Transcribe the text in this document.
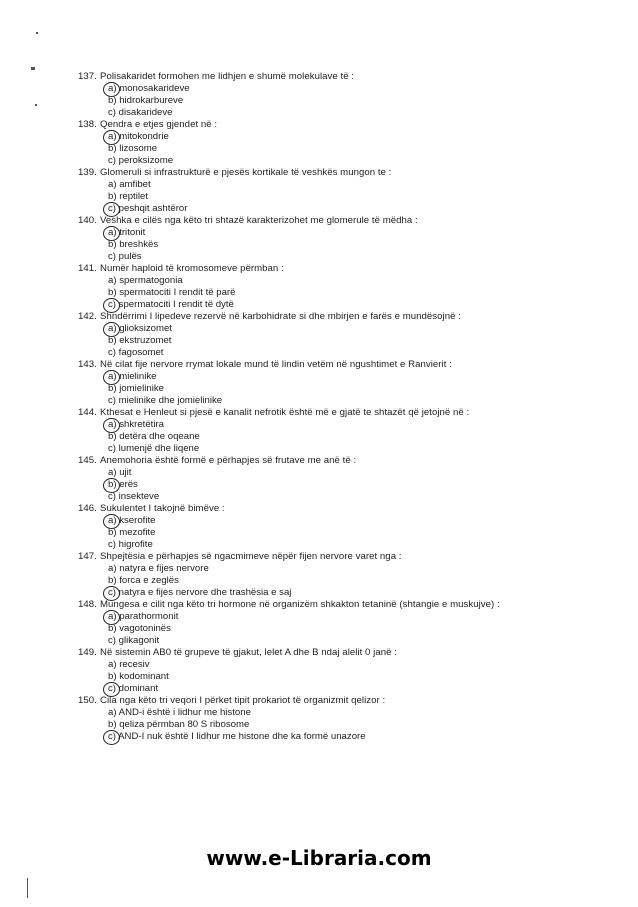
137. Polisakaridet formohen me lidhjen e shumë molekulave të :
a) monosakarideve
b) hidrokarbureve
c) disakarideve
138. Qendra e etjes gjendet në :
a) mitokondrie
b) lizosome
c) peroksizome
139. Glomeruli si infrastrukturë e pjesës kortikale të veshkës mungon te :
a) amfibet
b) reptilet
c) peshqit ashtëror
140. Veshka e cilës nga këto tri shtazë karakterizohet me glomerule të mëdha :
a) tritonit
b) breshkës
c) pulës
141. Numër haploid të kromosomeve përmban :
a) spermatogonia
b) spermatociti I rendit të parë
c) spermatociti I rendit të dytë
142. Shndërrimi I lipedeve rezervë në karbohidrate si dhe mbirjen e farës e mundësojnë :
a) glioksizomet
b) ekstruzomet
c) fagosomet
143. Në cilat fije nervore rrymat lokale mund të lindin vetëm në ngushtimet e Ranvierit :
a) mielinike
b) jomielinike
c) mielinike dhe jomielinike
144. Kthesat e Henleut si pjesë e kanalit nefrotik është më e gjatë te shtazët që jetojnë në :
a) shkretëtira
b) detëra dhe oqeane
c) lumenjë dhe liqene
145. Anemohoria është formë e përhapjes së frutave me anë të :
a) ujit
b) erës
c) insekteve
146. Sukulentet I takojnë bimëve :
a) kserofite
b) mezofite
c) higrofite
147. Shpejtësia e përhapjes së ngacmimeve nëpër fijen nervore varet nga :
a) natyra e fijes nervore
b) forca e zeglës
c) natyra e fijes nervore dhe trashësia e saj
148. Mungesa e cilit nga këto tri hormone në organizëm shkakton tetaninë (shtangie e muskujve) :
a) parathormonit
b) vagotoninës
c) glikagonit
149. Në sistemin AB0 të grupeve të gjakut, lelet A dhe B ndaj alelit 0 janë :
a) recesiv
b) kodominant
c) dominant
150. Cila nga këto tri veqori I përket tipit prokariot të organizmit qelizor :
a) AND-i është i lidhur me histone
b) qeliza përmban 80 S ribosome
c) AND-I nuk është I lidhur me histone dhe ka formë unazore
www.e-Libraria.com
